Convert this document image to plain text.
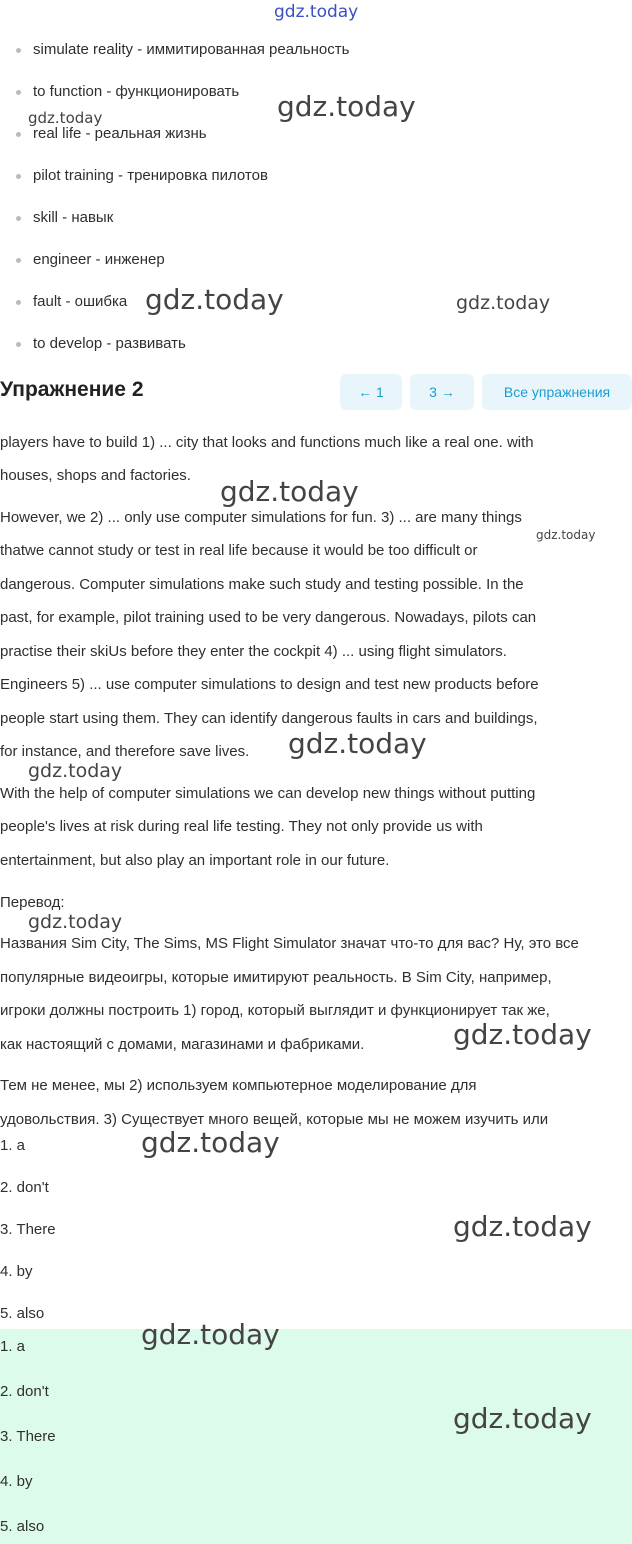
gdz.today
simulate reality - иммитированная реальность
to function - функционировать
real life - реальная жизнь
pilot training - тренировка пилотов
skill - навык
engineer - инженер
fault - ошибка
to develop - развивать
Упражнение 2	← 1	3 →	Все упражнения
players have to build 1) ... city that looks and functions much like a real one. with
houses, shops and factories.
However, we 2) ... only use computer simulations for fun. 3) ... are many things
thatwe cannot study or test in real life because it would be too difficult or
dangerous. Computer simulations make such study and testing possible. In the
past, for example, pilot training used to be very dangerous. Nowadays, pilots can
practise their skiUs before they enter the cockpit 4) ... using flight simulators.
Engineers 5) ... use computer simulations to design and test new products before
people start using them. They can identify dangerous faults in cars and buildings,
for instance, and therefore save lives.
With the help of computer simulations we can develop new things without putting
people's lives at risk during real life testing. They not only provide us with
entertainment, but also play an important role in our future.
Перевод:
Названия Sim City, The Sims, MS Flight Simulator значат что-то для вас? Ну, это все
популярные видеоигры, которые имитируют реальность. В Sim City, например,
игроки должны построить 1) город, который выглядит и функционирует так же,
как настоящий с домами, магазинами и фабриками.
Тем не менее, мы 2) используем компьютерное моделирование для
удовольствия. 3) Существует много вещей, которые мы не можем изучить или
1. a
2. don't
3. There
4. by
5. also
1. a
2. don't
3. There
4. by
5. also
gdz.today
gdz.today
gdz.today	gdz.today
gdz.today
gdz.today
gdz.today
gdz.today
gdz.today
gdz.today
gdz.today
gdz.today
gdz.today
gdz.today
